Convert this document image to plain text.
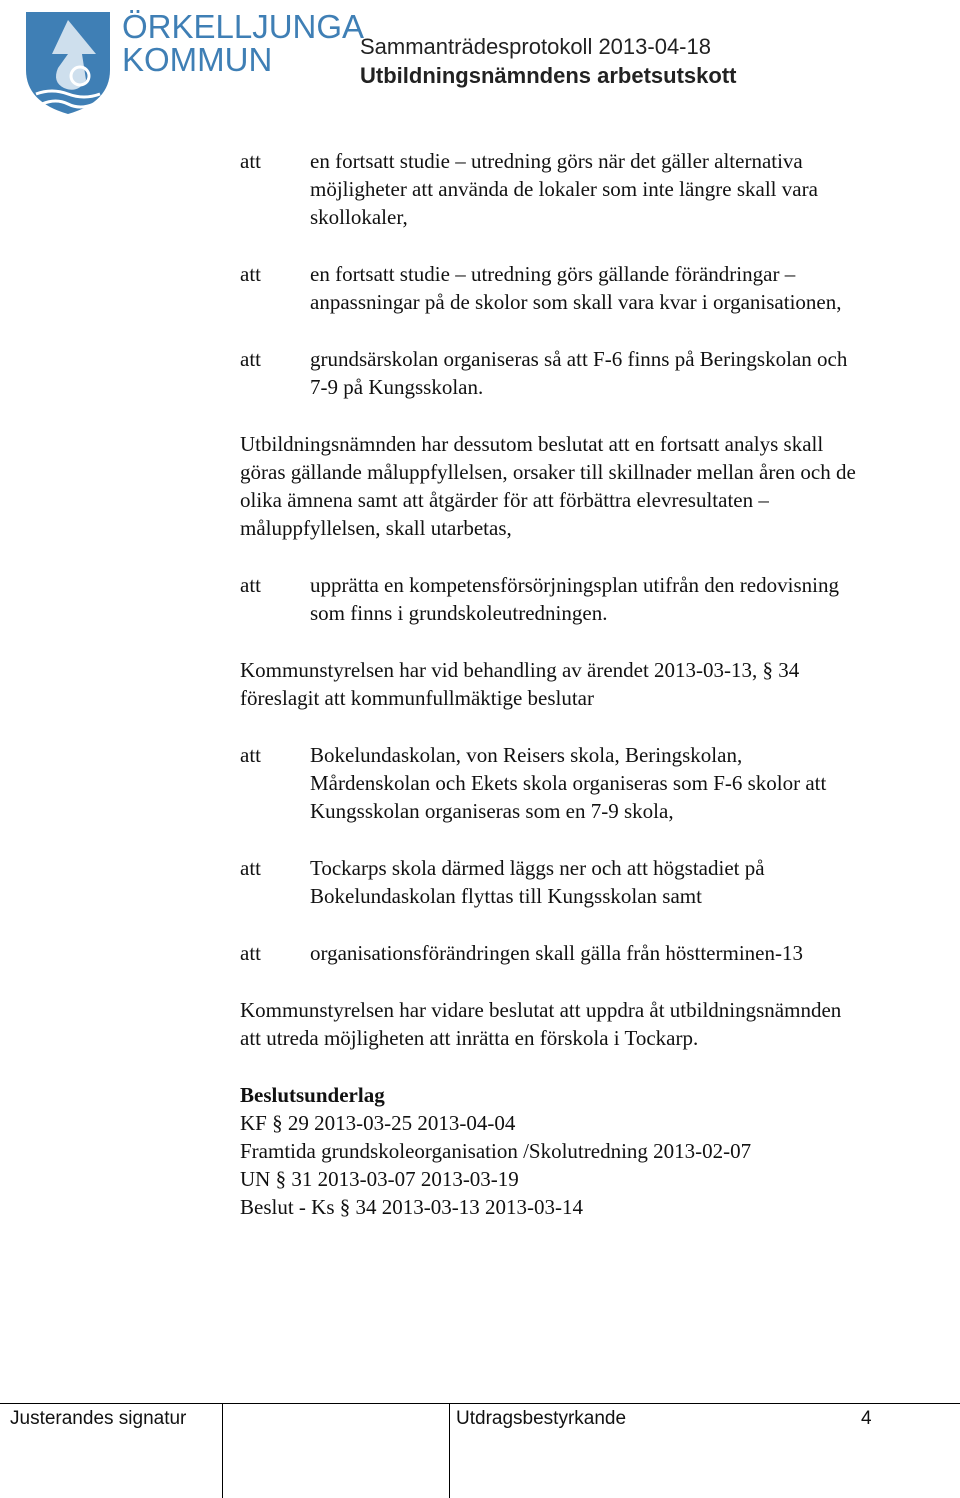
ÖRKELLJUNGA
KOMMUN	Sammanträdesprotokoll 2013-04-18
Utbildningsnämndens arbetsutskott
att en fortsatt studie – utredning görs när det gäller alternativa
möjligheter att använda de lokaler som inte längre skall vara
skollokaler,
att en fortsatt studie – utredning görs gällande förändringar –
anpassningar på de skolor som skall vara kvar i organisationen,
att grundsärskolan organiseras så att F-6 finns på Beringskolan och
7-9 på Kungsskolan.
Utbildningsnämnden har dessutom beslutat att en fortsatt analys skall
göras gällande måluppfyllelsen, orsaker till skillnader mellan åren och de
olika ämnena samt att åtgärder för att förbättra elevresultaten –
måluppfyllelsen, skall utarbetas,
att upprätta en kompetensförsörjningsplan utifrån den redovisning
som finns i grundskoleutredningen.
Kommunstyrelsen har vid behandling av ärendet 2013-03-13, § 34
föreslagit att kommunfullmäktige beslutar
att Bokelundaskolan, von Reisers skola, Beringskolan,
Mårdenskolan och Ekets skola organiseras som F-6 skolor att
Kungsskolan organiseras som en 7-9 skola,
att Tockarps skola därmed läggs ner och att högstadiet på
Bokelundaskolan flyttas till Kungsskolan samt
att organisationsförändringen skall gälla från höstterminen-13
Kommunstyrelsen har vidare beslutat att uppdra åt utbildningsnämnden
att utreda möjligheten att inrätta en förskola i Tockarp.
Beslutsunderlag
KF § 29 2013-03-25 2013-04-04
Framtida grundskoleorganisation /Skolutredning 2013-02-07
UN § 31 2013-03-07 2013-03-19
Beslut - Ks § 34 2013-03-13 2013-03-14
Justerandes signatur	Utdragsbestyrkande	4
